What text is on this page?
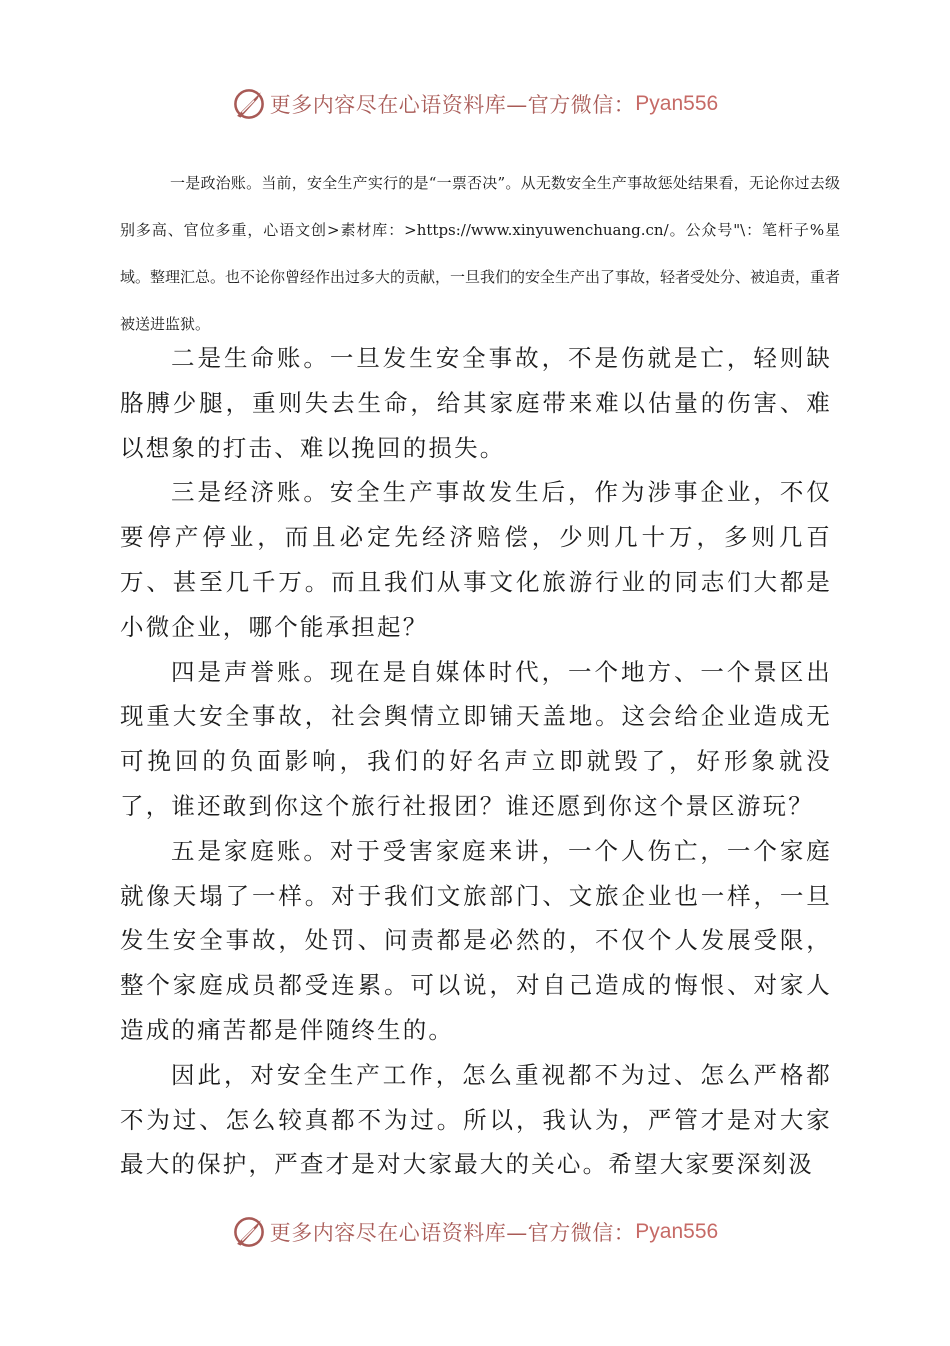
更多内容尽在心语资料库—官方微信： Pyan556
一是政治账。当前，安全生产实行的是“一票否决”。从无数安全生产事故惩处结果看，无论你过去级别多高、官位多重，心语文创>素材库：>https://www.xinyuwenchuang.cn/。公众号"\：笔杆子%星域。整理汇总。也不论你曾经作出过多大的贡献，一旦我们的安全生产出了事故，轻者受处分、被追责，重者被送进监狱。

二是生命账。一旦发生安全事故，不是伤就是亡，轻则缺胳膊少腿，重则失去生命，给其家庭带来难以估量的伤害、难以想象的打击、难以挽回的损失。

三是经济账。安全生产事故发生后，作为涉事企业，不仅要停产停业，而且必定先经济赔偿，少则几十万，多则几百万、甚至几千万。而且我们从事文化旅游行业的同志们大都是小微企业，哪个能承担起？

四是声誉账。现在是自媒体时代，一个地方、一个景区出现重大安全事故，社会舆情立即铺天盖地。这会给企业造成无可挽回的负面影响，我们的好名声立即就毁了，好形象就没了，谁还敢到你这个旅行社报团？谁还愿到你这个景区游玩？

五是家庭账。对于受害家庭来讲，一个人伤亡，一个家庭就像天塌了一样。对于我们文旅部门、文旅企业也一样，一旦发生安全事故，处罚、问责都是必然的，不仅个人发展受限，整个家庭成员都受连累。可以说，对自己造成的悔恨、对家人造成的痛苦都是伴随终生的。

因此，对安全生产工作，怎么重视都不为过、怎么严格都不为过、怎么较真都不为过。所以，我认为，严管才是对大家最大的保护，严查才是对大家最大的关心。希望大家要深刻汲

更多内容尽在心语资料库—官方微信： Pyan556
